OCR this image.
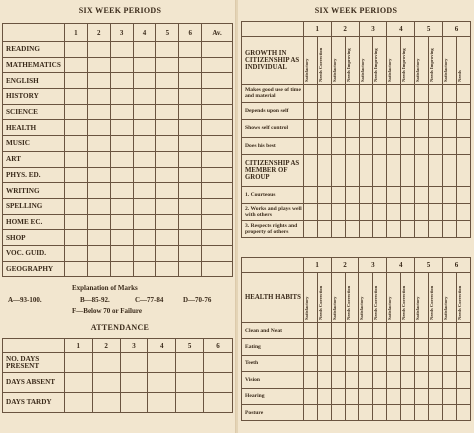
SIX WEEK PERIODS
	1	2	3	4	5	6	Av.
READING							
MATHEMATICS							
ENGLISH							
HISTORY							
SCIENCE							
HEALTH							
MUSIC							
ART							
PHYS. ED.							
WRITING							
SPELLING							
HOME EC.							
SHOP							
VOC. GUID.							
GEOGRAPHY							
Explanation of Marks
A—93-100.	B—85-92.	C—77-84	D—70-76
F—Below 70 or Failure
ATTENDANCE
	1	2	3	4	5	6
NO. DAYS PRESENT						
DAYS ABSENT						
DAYS TARDY						
SIX WEEK PERIODS
	1		2		3		4		5		6	
GROWTH IN CITIZENSHIP AS INDIVIDUAL	Satisfactory	Needs Correction	Satisfactory	Needs Improving	Satisfactory	Needs Improving	Satisfactory	Needs Improving	Satisfactory	Needs Improving	Satisfactory	Needs

Makes good use of time and material												
Depends upon self												
Shows self control												
Does his best												
CITIZENSHIP AS MEMBER OF GROUP												
1. Courteous												
2. Works and plays well with others												
3. Respects rights and property of others												
	1		2		3		4		5		6	
HEALTH HABITS	Satisfactory	Needs Correction	Satisfactory	Needs Correction	Satisfactory	Needs Correction	Satisfactory	Needs Correction	Satisfactory	Needs Correction	Satisfactory	Needs Correction

Clean and Neat												
Eating												
Teeth												
Vision												
Hearing												
Posture												
